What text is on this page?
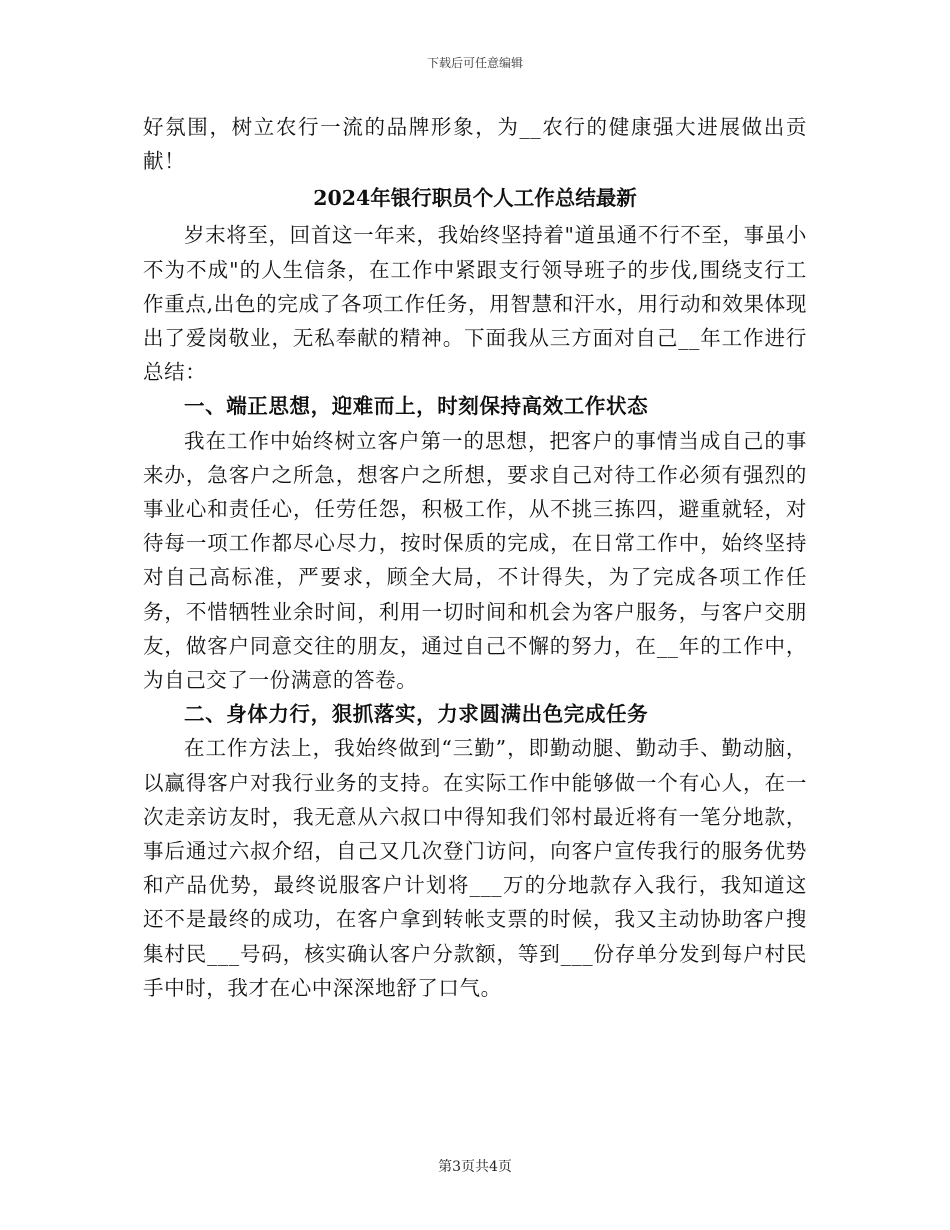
下载后可任意编辑

好氛围，树立农行一流的品牌形象，为__农行的健康强大进展做出贡献！

2024年银行职员个人工作总结最新

岁末将至，回首这一年来，我始终坚持着"道虽通不行不至，事虽小不为不成"的人生信条，在工作中紧跟支行领导班子的步伐,围绕支行工作重点,出色的完成了各项工作任务，用智慧和汗水，用行动和效果体现出了爱岗敬业，无私奉献的精神。下面我从三方面对自己__年工作进行总结：

一、端正思想，迎难而上，时刻保持高效工作状态

我在工作中始终树立客户第一的思想，把客户的事情当成自己的事来办，急客户之所急，想客户之所想，要求自己对待工作必须有强烈的事业心和责任心，任劳任怨，积极工作，从不挑三拣四，避重就轻，对待每一项工作都尽心尽力，按时保质的完成，在日常工作中，始终坚持对自己高标准，严要求，顾全大局，不计得失，为了完成各项工作任务，不惜牺牲业余时间，利用一切时间和机会为客户服务，与客户交朋友，做客户同意交往的朋友，通过自己不懈的努力，在__年的工作中，为自己交了一份满意的答卷。

二、身体力行，狠抓落实，力求圆满出色完成任务

在工作方法上，我始终做到“三勤”，即勤动腿、勤动手、勤动脑，以赢得客户对我行业务的支持。在实际工作中能够做一个有心人，在一次走亲访友时，我无意从六叔口中得知我们邻村最近将有一笔分地款，事后通过六叔介绍，自己又几次登门访问，向客户宣传我行的服务优势和产品优势，最终说服客户计划将___万的分地款存入我行，我知道这还不是最终的成功，在客户拿到转帐支票的时候，我又主动协助客户搜集村民___号码，核实确认客户分款额，等到___份存单分发到每户村民手中时，我才在心中深深地舒了口气。

第3页共4页
